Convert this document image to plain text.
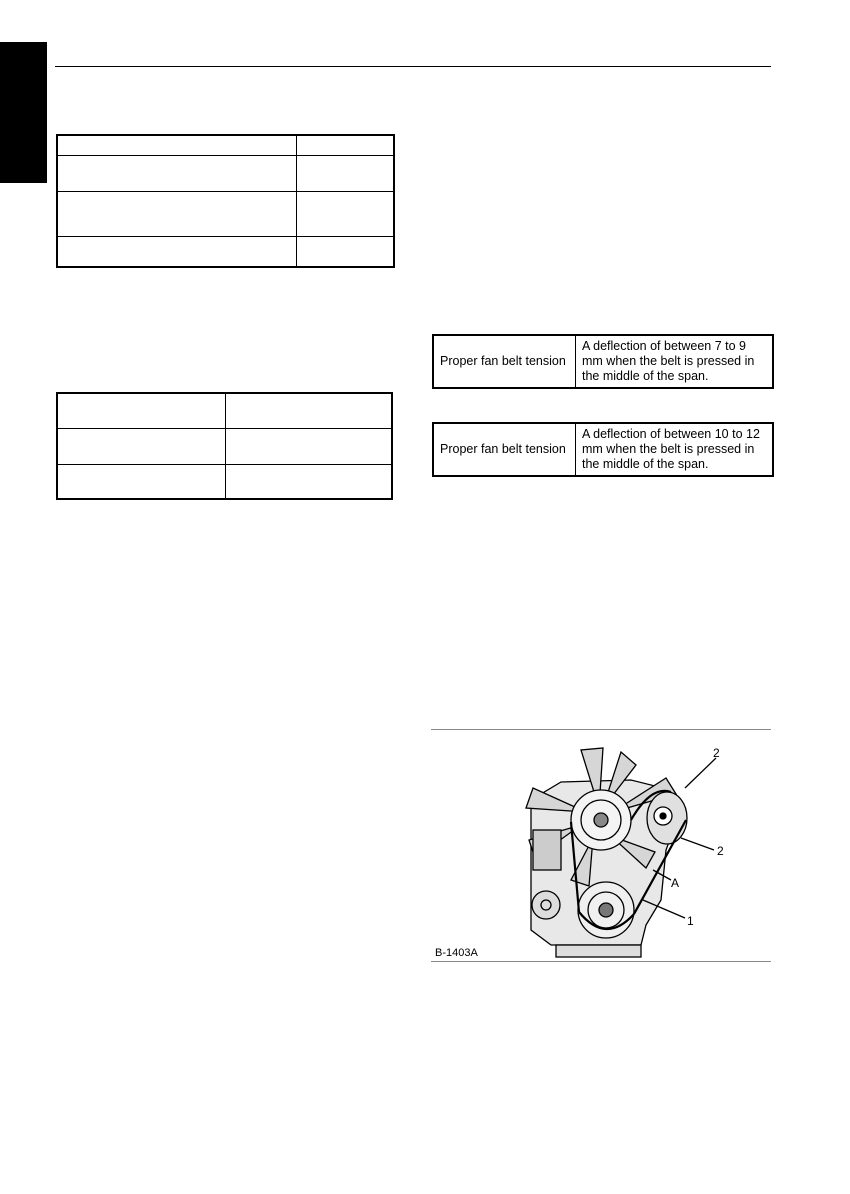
Proper fan belt tension	A deflection of between 7 to 9 mm when the belt is pressed in the middle of the span.
Proper fan belt tension	A deflection of between 10 to 12 mm when the belt is pressed in the middle of the span.
2
2
A
1
B-1403A
